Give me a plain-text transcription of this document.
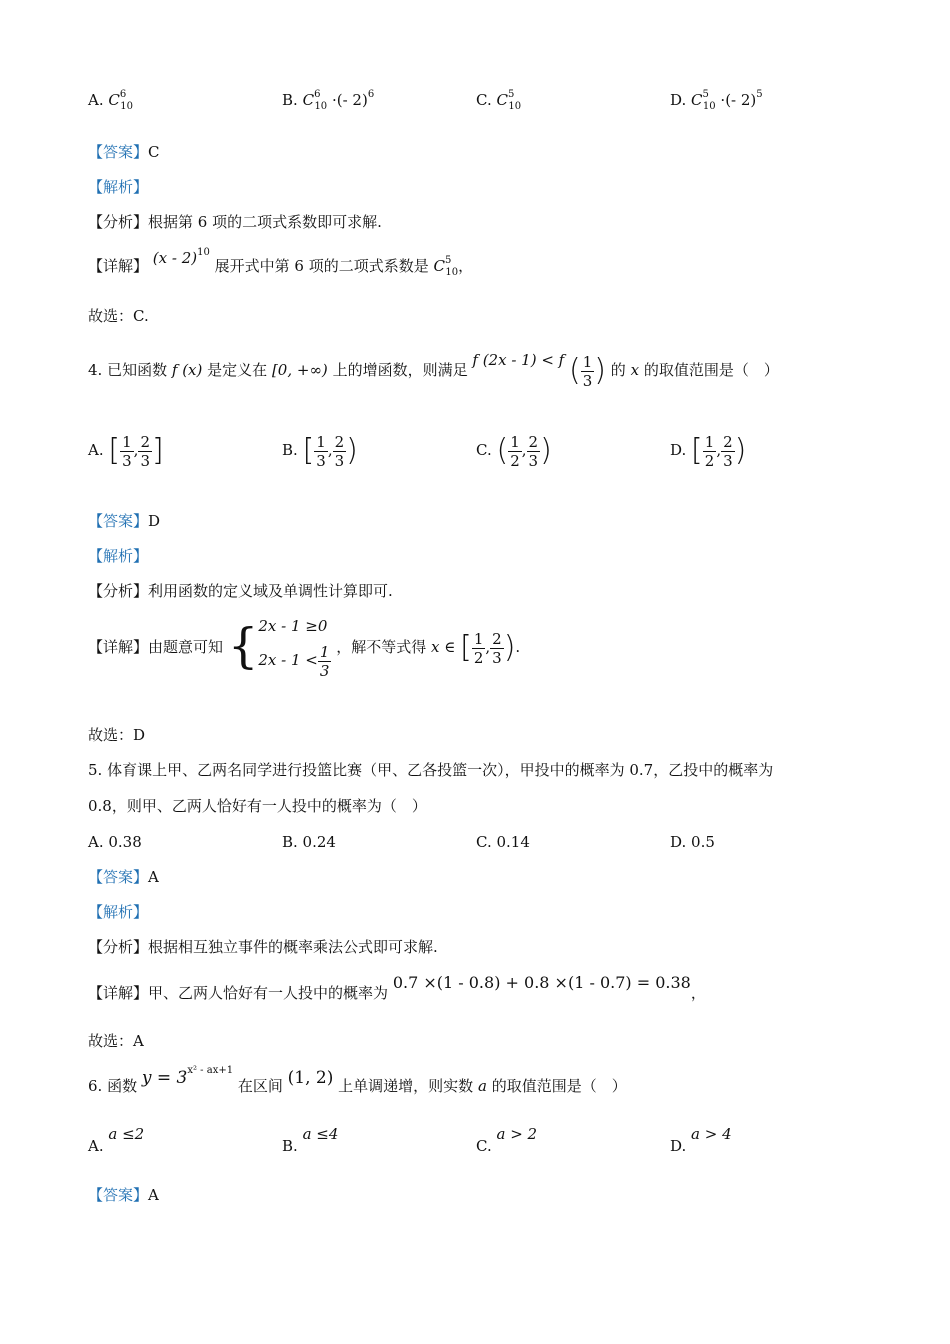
A. $C^6_{10}$	B. $C^6_{10}$ ·(- 2)$^6$	C. $C^5_{10}$	D. $C^5_{10}$ ·(- 2)$^5$
【答案】C
【解析】
【分析】根据第 6 项的二项式系数即可求解.
【详解】 (x - 2)$^{10}$ 展开式中第 6 项的二项式系数是 $C^5_{10}$，
故选：C.
4. 已知函数 f (x) 是定义在 [0, +∞) 上的增函数，则满足 f (2x - 1) < f ( $\frac{1}{3}$ ) 的 x 的取值范围是（　）
A. [ $\frac{1}{3}$ , $\frac{2}{3}$ ]	B. [ $\frac{1}{3}$ , $\frac{2}{3}$ )	C. ( $\frac{1}{2}$ , $\frac{2}{3}$ )	D. [ $\frac{1}{2}$ , $\frac{2}{3}$ )
【答案】D
【解析】
【分析】利用函数的定义域及单调性计算即可.
【详解】由题意可知 { 2x - 1 ≥0
$2x - 1 < \frac{1}{3}$ ，解不等式得 x ∈ [ $\frac{1}{2}$ , $\frac{2}{3}$ ).
故选：D
5. 体育课上甲、乙两名同学进行投篮比赛（甲、乙各投篮一次），甲投中的概率为 0.7，乙投中的概率为
0.8，则甲、乙两人恰好有一人投中的概率为（　）
A. 0.38	B. 0.24	C. 0.14	D. 0.5
【答案】A
【解析】
【分析】根据相互独立事件的概率乘法公式即可求解.
【详解】甲、乙两人恰好有一人投中的概率为 0.7 ×(1 - 0.8) + 0.8 ×(1 - 0.7) = 0.38，
故选：A
6. 函数 $y = 3^{x^2 - ax+1}$ 在区间 (1, 2) 上单调递增，则实数 a 的取值范围是（　）
A. a ≤2
B. a ≤4
C. a > 2
D. a > 4
【答案】A
